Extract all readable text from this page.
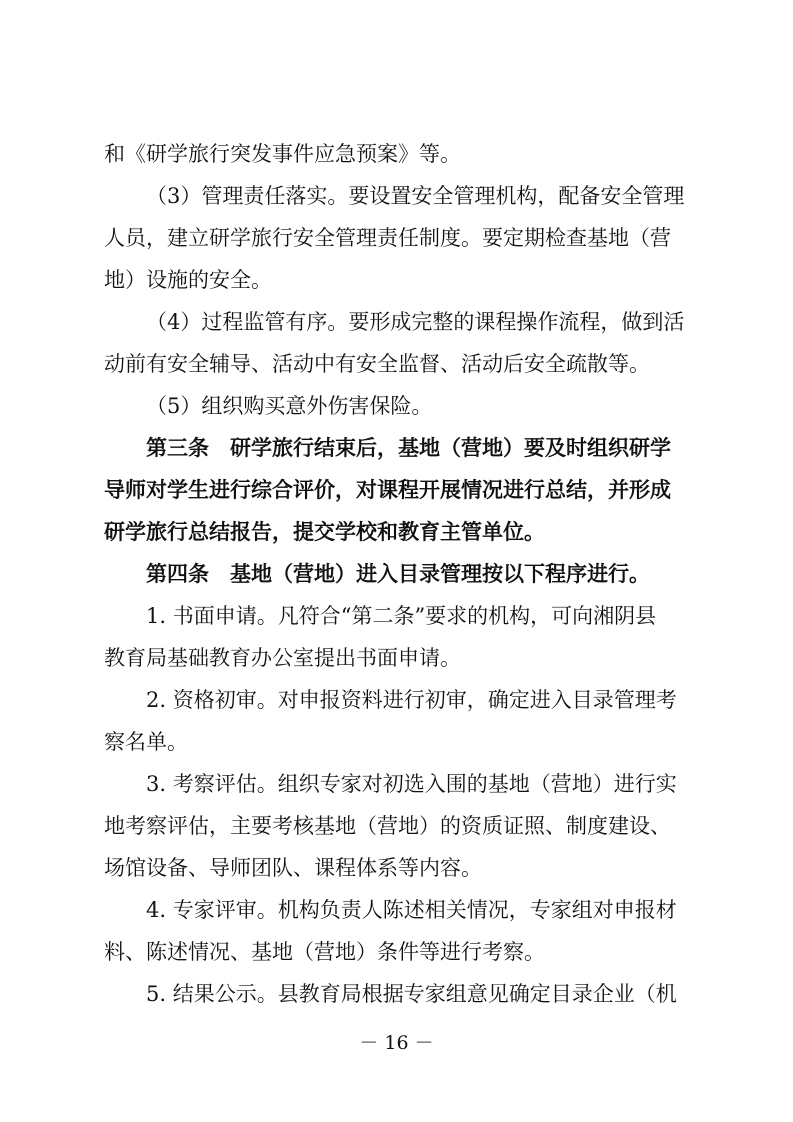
和《研学旅行突发事件应急预案》等。
（3）管理责任落实。要设置安全管理机构，配备安全管理
人员，建立研学旅行安全管理责任制度。要定期检查基地（营
地）设施的安全。
（4）过程监管有序。要形成完整的课程操作流程，做到活
动前有安全辅导、活动中有安全监督、活动后安全疏散等。
（5）组织购买意外伤害保险。
第三条　研学旅行结束后，基地（营地）要及时组织研学
导师对学生进行综合评价，对课程开展情况进行总结，并形成
研学旅行总结报告，提交学校和教育主管单位。
第四条　基地（营地）进入目录管理按以下程序进行。
1. 书面申请。凡符合“第二条”要求的机构，可向湘阴县
教育局基础教育办公室提出书面申请。
2. 资格初审。对申报资料进行初审，确定进入目录管理考
察名单。
3. 考察评估。组织专家对初选入围的基地（营地）进行实
地考察评估，主要考核基地（营地）的资质证照、制度建设、
场馆设备、导师团队、课程体系等内容。
4. 专家评审。机构负责人陈述相关情况，专家组对申报材
料、陈述情况、基地（营地）条件等进行考察。
5. 结果公示。县教育局根据专家组意见确定目录企业（机
－ 16 －
